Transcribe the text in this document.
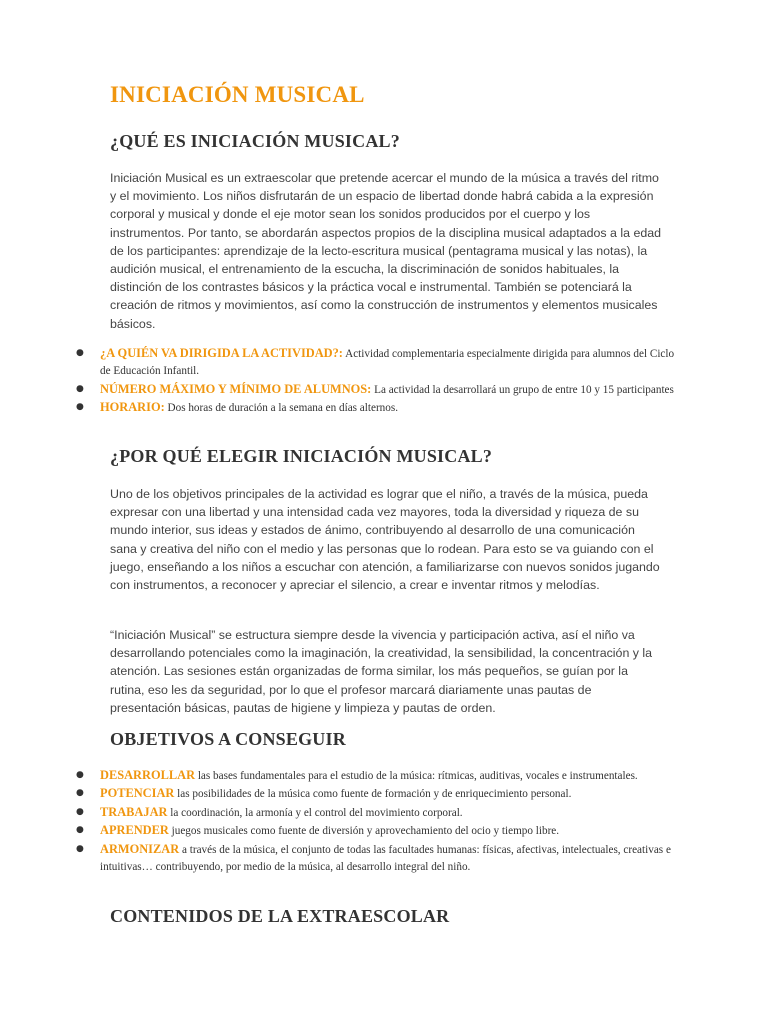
INICIACIÓN MUSICAL
¿QUÉ ES INICIACIÓN MUSICAL?

Iniciación Musical es un extraescolar que pretende acercar el mundo de la música a través del ritmo y el movimiento. Los niños disfrutarán de un espacio de libertad donde habrá cabida a la expresión corporal y musical y donde el eje motor sean los sonidos producidos por el cuerpo y los instrumentos. Por tanto, se abordarán aspectos propios de la disciplina musical adaptados a la edad de los participantes: aprendizaje de la lecto-escritura musical (pentagrama musical y las notas), la audición musical, el entrenamiento de la escucha, la discriminación de sonidos habituales, la distinción de los contrastes básicos y la práctica vocal e instrumental. También se potenciará la creación de ritmos y movimientos, así como la construcción de instrumentos y elementos musicales básicos.

● ¿A QUIÉN VA DIRIGIDA LA ACTIVIDAD?: Actividad complementaria especialmente dirigida para alumnos del Ciclo de Educación Infantil.
● NÚMERO MÁXIMO Y MÍNIMO DE ALUMNOS: La actividad la desarrollará un grupo de entre 10 y 15 participantes
● HORARIO: Dos horas de duración a la semana en días alternos.
¿POR QUÉ ELEGIR INICIACIÓN MUSICAL?

Uno de los objetivos principales de la actividad es lograr que el niño, a través de la música, pueda expresar con una libertad y una intensidad cada vez mayores, toda la diversidad y riqueza de su mundo interior, sus ideas y estados de ánimo, contribuyendo al desarrollo de una comunicación sana y creativa del niño con el medio y las personas que lo rodean. Para esto se va guiando con el juego, enseñando a los niños a escuchar con atención, a familiarizarse con nuevos sonidos jugando con instrumentos, a reconocer y apreciar el silencio, a crear e inventar ritmos y melodías.

“Iniciación Musical” se estructura siempre desde la vivencia y participación activa, así el niño va desarrollando potenciales como la imaginación, la creatividad, la sensibilidad, la concentración y la atención. Las sesiones están organizadas de forma similar, los más pequeños, se guían por la rutina, eso les da seguridad, por lo que el profesor marcará diariamente unas pautas de presentación básicas, pautas de higiene y limpieza y pautas de orden.

OBJETIVOS A CONSEGUIR
● DESARROLLAR las bases fundamentales para el estudio de la música: rítmicas, auditivas, vocales e instrumentales.
● POTENCIAR las posibilidades de la música como fuente de formación y de enriquecimiento personal.
● TRABAJAR la coordinación, la armonía y el control del movimiento corporal.
● APRENDER juegos musicales como fuente de diversión y aprovechamiento del ocio y tiempo libre.
● ARMONIZAR a través de la música, el conjunto de todas las facultades humanas: físicas, afectivas, intelectuales, creativas e intuitivas… contribuyendo, por medio de la música, al desarrollo integral del niño.
CONTENIDOS DE LA EXTRAESCOLAR
